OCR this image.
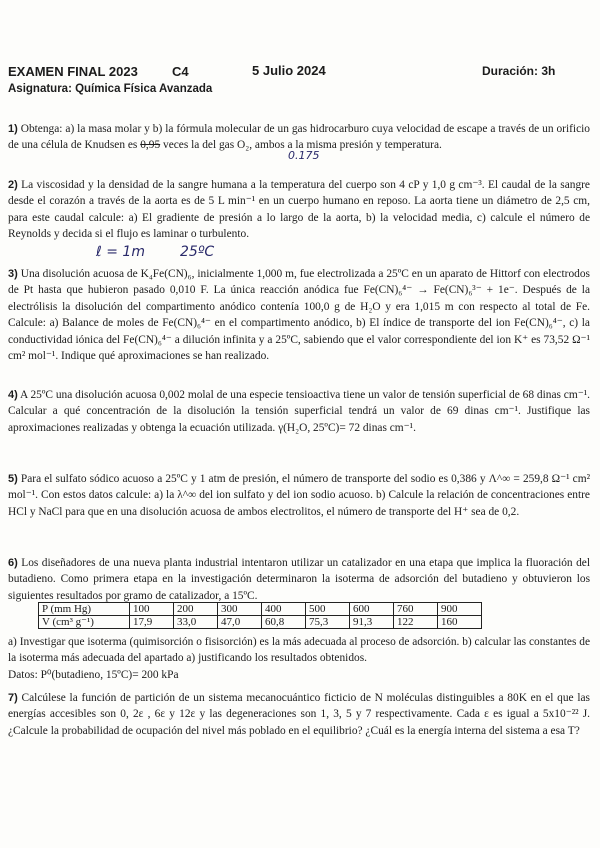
EXAMEN FINAL 2023	C4	5 Julio 2024	Duración: 3h
Asignatura: Química Física Avanzada
1) Obtenga: a) la masa molar y b) la fórmula molecular de un gas hidrocarburo cuya velocidad de escape a través de un orificio de una célula de Knudsen es 0,95 veces la del gas O₂, ambos a la misma presión y temperatura.
0.175
2) La viscosidad y la densidad de la sangre humana a la temperatura del cuerpo son 4 cP y 1,0 g cm⁻³. El caudal de la sangre desde el corazón a través de la aorta es de 5 L min⁻¹ en un cuerpo humano en reposo. La aorta tiene un diámetro de 2,5 cm, para este caudal calcule: a) El gradiente de presión a lo largo de la aorta, b) la velocidad media, c) calcule el número de Reynolds y decida si el flujo es laminar o turbulento.
ℓ = 1m	25ºC
3) Una disolución acuosa de K₄Fe(CN)₆, inicialmente 1,000 m, fue electrolizada a 25ºC en un aparato de Hittorf con electrodos de Pt hasta que hubieron pasado 0,010 F. La única reacción anódica fue Fe(CN)₆⁴⁻ → Fe(CN)₆³⁻ + 1e⁻. Después de la electrólisis la disolución del compartimento anódico contenía 100,0 g de H₂O y era 1,015 m con respecto al total de Fe. Calcule: a) Balance de moles de Fe(CN)₆⁴⁻ en el compartimento anódico, b) El índice de transporte del ion Fe(CN)₆⁴⁻, c) la conductividad iónica del Fe(CN)₆⁴⁻ a dilución infinita y a 25ºC, sabiendo que el valor correspondiente del ion K⁺ es 73,52 Ω⁻¹ cm² mol⁻¹. Indique qué aproximaciones se han realizado.
4) A 25ºC una disolución acuosa 0,002 molal de una especie tensioactiva tiene un valor de tensión superficial de 68 dinas cm⁻¹. Calcular a qué concentración de la disolución la tensión superficial tendrá un valor de 69 dinas cm⁻¹. Justifique las aproximaciones realizadas y obtenga la ecuación utilizada. γ(H₂O, 25ºC)= 72 dinas cm⁻¹.
5) Para el sulfato sódico acuoso a 25ºC y 1 atm de presión, el número de transporte del sodio es 0,386 y Λ^∞ = 259,8 Ω⁻¹ cm² mol⁻¹. Con estos datos calcule: a) la λ^∞ del ion sulfato y del ion sodio acuoso. b) Calcule la relación de concentraciones entre HCl y NaCl para que en una disolución acuosa de ambos electrolitos, el número de transporte del H⁺ sea de 0,2.
6) Los diseñadores de una nueva planta industrial intentaron utilizar un catalizador en una etapa que implica la fluoración del butadieno. Como primera etapa en la investigación determinaron la isoterma de adsorción del butadieno y obtuvieron los siguientes resultados por gramo de catalizador, a 15ºC.
P (mm Hg)	100	200	300	400	500	600	760	900
V (cm³ g⁻¹)	17,9	33,0	47,0	60,8	75,3	91,3	122	160
a) Investigar que isoterma (quimisorción o fisisorción) es la más adecuada al proceso de adsorción. b) calcular las constantes de la isoterma más adecuada del apartado a) justificando los resultados obtenidos.
Datos: P⁰(butadieno, 15ºC)= 200 kPa
7) Calcúlese la función de partición de un sistema mecanocuántico ficticio de N moléculas distinguibles a 80K en el que las energías accesibles son 0, 2ε , 6ε y 12ε y las degeneraciones son 1, 3, 5 y 7 respectivamente. Cada ε es igual a 5x10⁻²² J. ¿Calcule la probabilidad de ocupación del nivel más poblado en el equilibrio? ¿Cuál es la energía interna del sistema a esa T?
